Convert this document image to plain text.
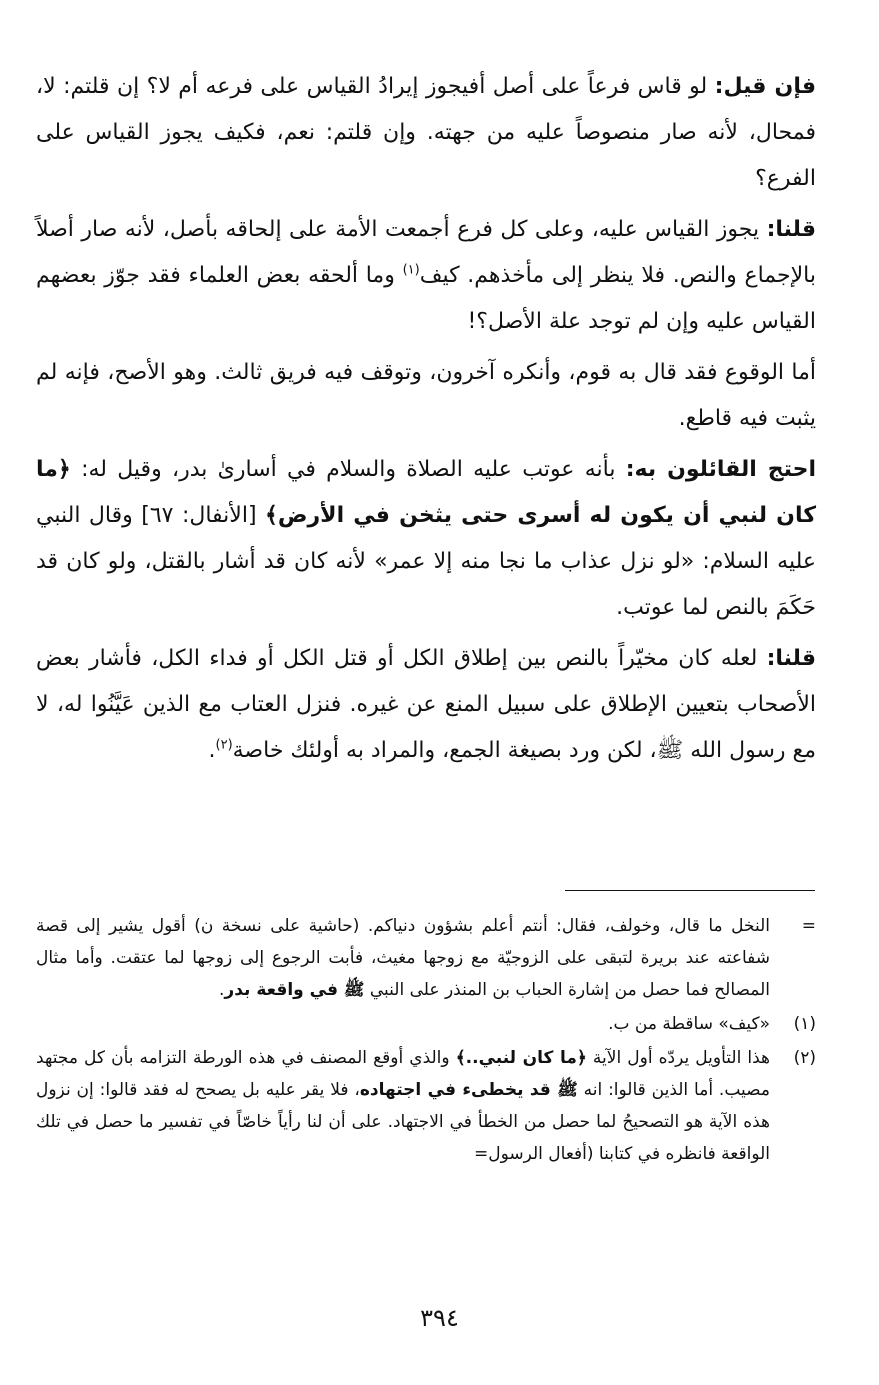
فإن قيل: لو قاس فرعاً على أصل أفيجوز إيرادُ القياس على فرعه أم لا؟ إن قلتم: لا، فمحال، لأنه صار منصوصاً عليه من جهته. وإن قلتم: نعم، فكيف يجوز القياس على الفرع؟

قلنا: يجوز القياس عليه، وعلى كل فرع أجمعت الأمة على إلحاقه بأصل، لأنه صار أصلاً بالإجماع والنص. فلا ينظر إلى مأخذهم. كيف$^{(١)}$ وما ألحقه بعض العلماء فقد جوّز بعضهم القياس عليه وإن لم توجد علة الأصل؟!

أما الوقوع فقد قال به قوم، وأنكره آخرون، وتوقف فيه فريق ثالث. وهو الأصح، فإنه لم يثبت فيه قاطع.

احتج القائلون به: بأنه عوتب عليه الصلاة والسلام في أسارىٰ بدر، وقيل له: ﴿ما كان لنبي أن يكون له أسرى حتى يثخن في الأرض﴾ [الأنفال: ٦٧] وقال النبي عليه السلام: «لو نزل عذاب ما نجا منه إلا عمر» لأنه كان قد أشار بالقتل، ولو كان قد حَكَمَ بالنص لما عوتب.

قلنا: لعله كان مخيّراً بالنص بين إطلاق الكل أو قتل الكل أو فداء الكل، فأشار بعض الأصحاب بتعيين الإطلاق على سبيل المنع عن غيره. فنزل العتاب مع الذين عَيَّنُوا له، لا مع رسول الله ﷺ، لكن ورد بصيغة الجمع، والمراد به أولئك خاصة$^{(٢)}$.

=
النخل ما قال، وخولف، فقال: أنتم أعلم بشؤون دنياكم. (حاشية على نسخة ن) أقول يشير إلى قصة شفاعته عند بريرة لتبقى على الزوجيّة مع زوجها مغيث، فأبت الرجوع إلى زوجها لما عتقت. وأما مثال المصالح فما حصل من إشارة الحباب بن المنذر على النبي ﷺ في واقعة بدر.
(١)
«كيف» ساقطة من ب.
(٢)
هذا التأويل يردّه أول الآية ﴿ما كان لنبي..﴾ والذي أوقع المصنف في هذه الورطة التزامه بأن كل مجتهد مصيب. أما الذين قالوا: انه ﷺ قد يخطىء في اجتهاده، فلا يقر عليه بل يصحح له فقد قالوا: إن نزول هذه الآية هو التصحيحُ لما حصل من الخطأ في الاجتهاد. على أن لنا رأياً خاصّاً في تفسير ما حصل في تلك الواقعة فانظره في كتابنا (أفعال الرسول=
٣٩٤
